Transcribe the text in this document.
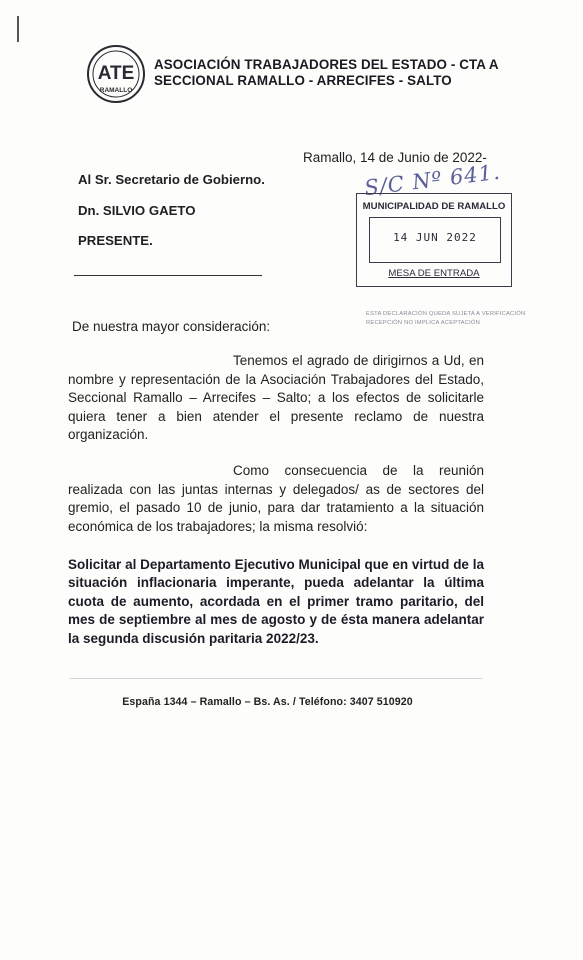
ATE
RAMALLO
ASOCIACIÓN TRABAJADORES DEL ESTADO - CTA A
SECCIONAL RAMALLO - ARRECIFES - SALTO
Ramallo, 14 de Junio de 2022-
S/C Nº 641.
Al Sr. Secretario de Gobierno.
Dn. SILVIO GAETO
PRESENTE.
MUNICIPALIDAD DE RAMALLO
14 JUN 2022
MESA DE ENTRADA
ESTA DECLARACIÓN QUEDA SUJETA A VERIFICACIÓN
RECEPCIÓN NO IMPLICA ACEPTACIÓN
De nuestra mayor consideración:

Tenemos el agrado de dirigirnos a Ud, en nombre y representación de la Asociación Trabajadores del Estado, Seccional Ramallo – Arrecifes – Salto; a los efectos de solicitarle quiera tener a bien atender el presente reclamo de nuestra organización.

Como consecuencia de la reunión realizada con las juntas internas y delegados/ as de sectores del gremio, el pasado 10 de junio, para dar tratamiento a la situación económica de los trabajadores; la misma resolvió:

Solicitar al Departamento Ejecutivo Municipal que en virtud de la situación inflacionaria imperante, pueda adelantar la última cuota de aumento, acordada en el primer tramo paritario, del mes de septiembre al mes de agosto y de ésta manera adelantar la segunda discusión paritaria 2022/23.

España 1344 – Ramallo – Bs. As. / Teléfono: 3407 510920
